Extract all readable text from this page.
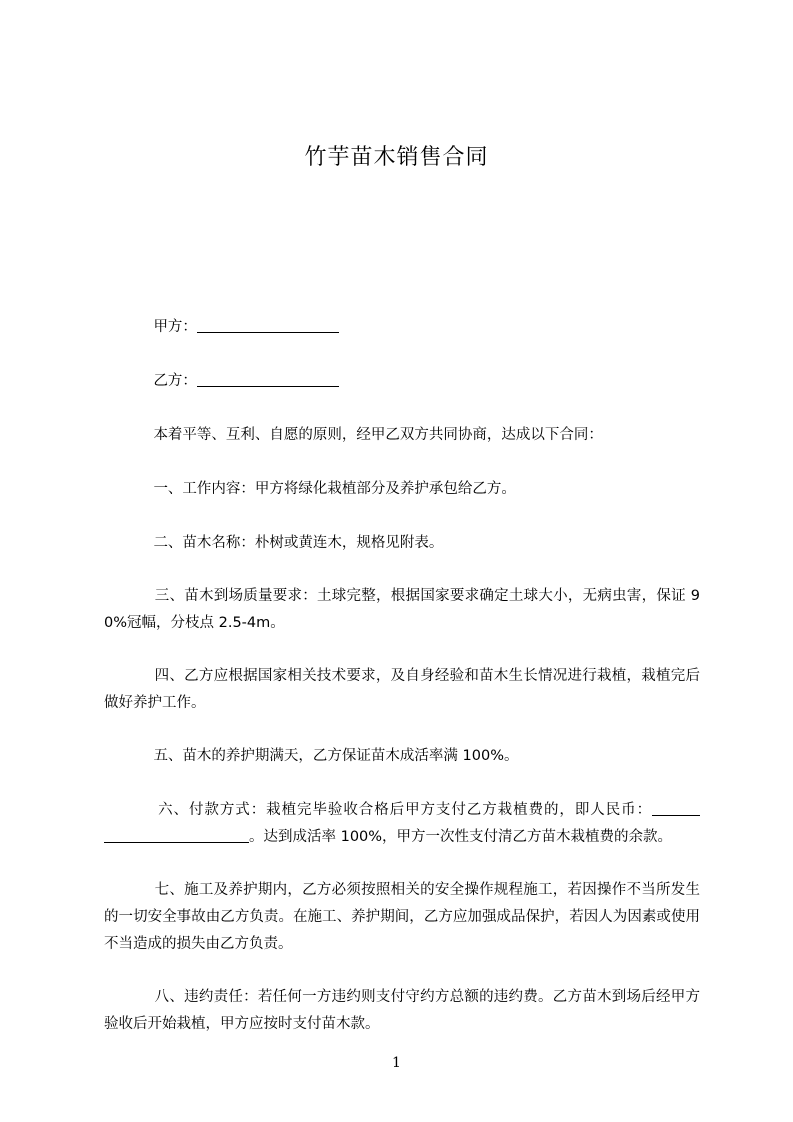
竹芋苗木销售合同

甲方：

乙方：

本着平等、互利、自愿的原则，经甲乙双方共同协商，达成以下合同：

一、工作内容：甲方将绿化栽植部分及养护承包给乙方。

二、苗木名称：朴树或黄连木，规格见附表。

三、苗木到场质量要求：土球完整，根据国家要求确定土球大小，无病虫害，保证 90%冠幅，分枝点 2.5-4m。

四、乙方应根据国家相关技术要求，及自身经验和苗木生长情况进行栽植，栽植完后做好养护工作。

五、苗木的养护期满天，乙方保证苗木成活率满 100%。

六、付款方式：栽植完毕验收合格后甲方支付乙方栽植费的，即人民币：。达到成活率 100%，甲方一次性支付清乙方苗木栽植费的余款。

七、施工及养护期内，乙方必须按照相关的安全操作规程施工，若因操作不当所发生的一切安全事故由乙方负责。在施工、养护期间，乙方应加强成品保护，若因人为因素或使用不当造成的损失由乙方负责。

八、违约责任：若任何一方违约则支付守约方总额的违约费。乙方苗木到场后经甲方验收后开始栽植，甲方应按时支付苗木款。

1
